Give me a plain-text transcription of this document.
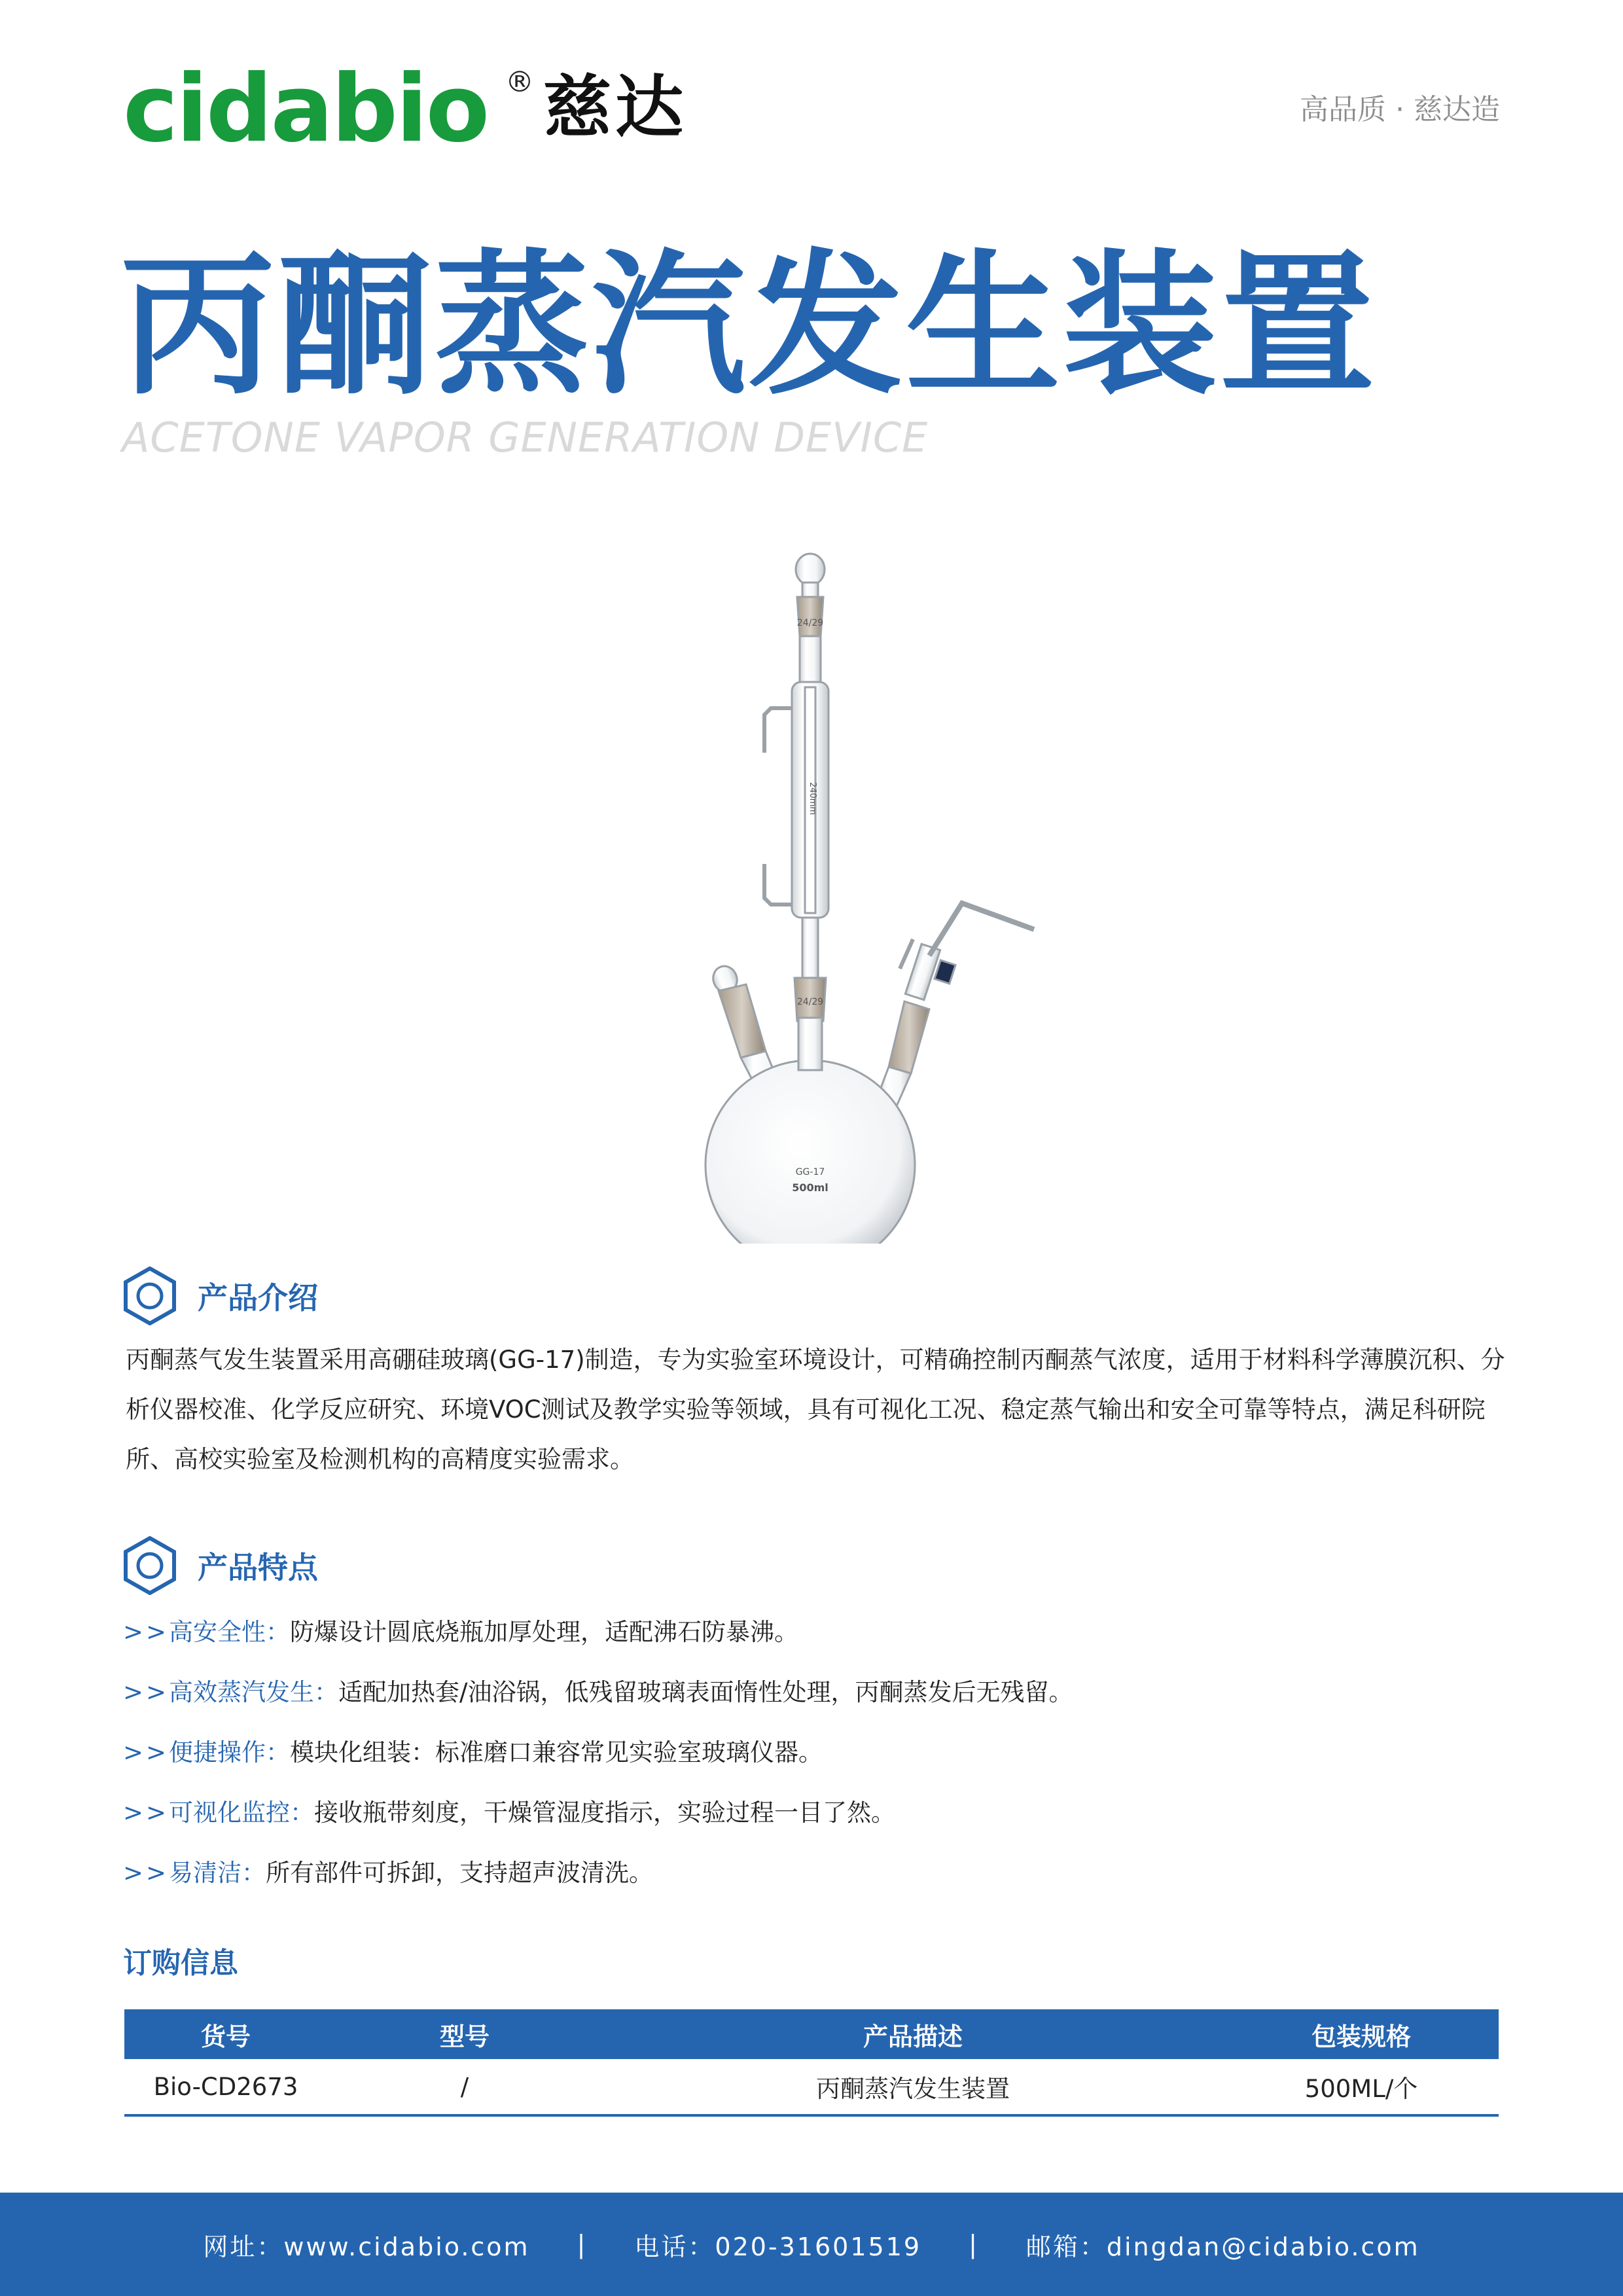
cidabio ® 慈达	高品质 · 慈达造
丙酮蒸汽发生装置
ACETONE VAPOR GENERATION DEVICE
24/29
24/29
GG-17
500ml
240mm
产品介绍
丙酮蒸气发生装置采用高硼硅玻璃(GG-17)制造，专为实验室环境设计，可精确控制丙酮蒸气浓度，适用于材料科学薄膜沉积、分析仪器校准、化学反应研究、环境VOC测试及教学实验等领域，具有可视化工况、稳定蒸气输出和安全可靠等特点，满足科研院所、高校实验室及检测机构的高精度实验需求。
产品特点
>>高安全性：防爆设计圆底烧瓶加厚处理，适配沸石防暴沸。
>>高效蒸汽发生：适配加热套/油浴锅，低残留玻璃表面惰性处理，丙酮蒸发后无残留。
>>便捷操作：模块化组装：标准磨口兼容常见实验室玻璃仪器。
>>可视化监控：接收瓶带刻度，干燥管湿度指示，实验过程一目了然。
>>易清洁：所有部件可拆卸，支持超声波清洗。
订购信息
货号	型号	产品描述	包装规格
Bio-CD2673	/	丙酮蒸汽发生装置	500ML/个
网址：www.cidabio.com | 电话：020-31601519 | 邮箱：dingdan@cidabio.com
